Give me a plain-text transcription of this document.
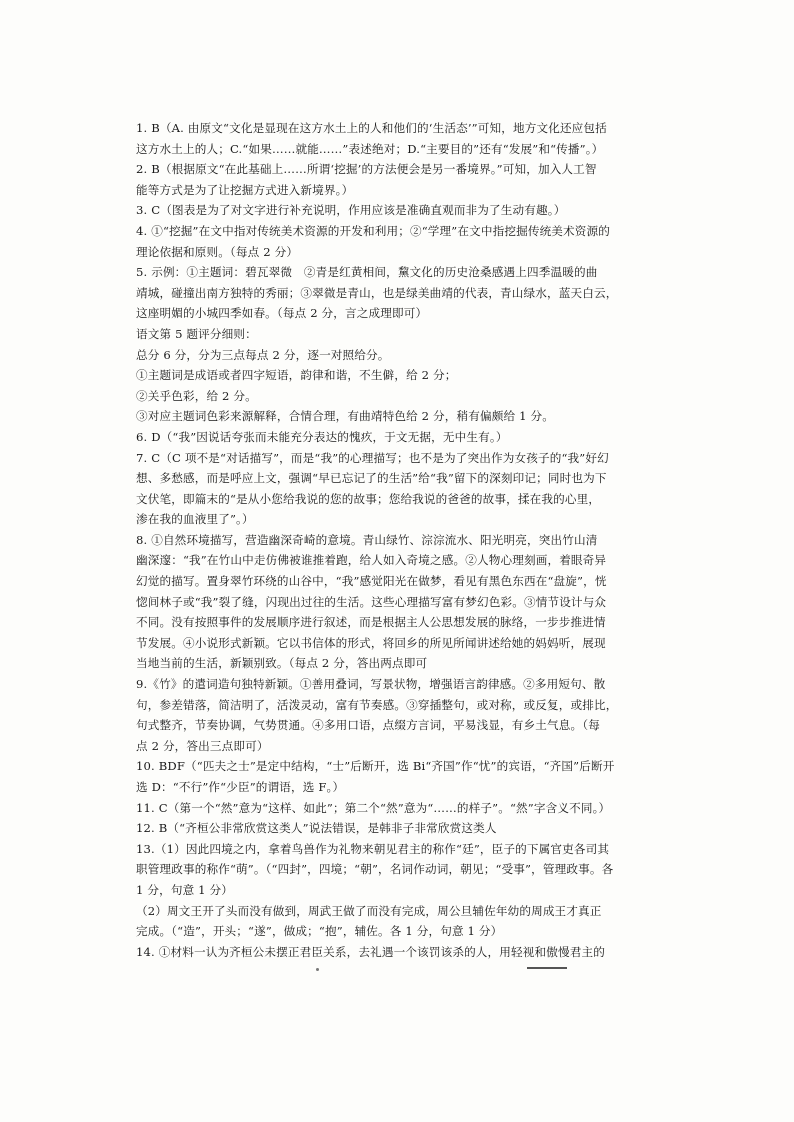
1. B（A. 由原文“文化是显现在这方水土上的人和他们的‘生活态’”可知，地方文化还应包括
这方水土上的人；C.“如果……就能……”表述绝对；D.“主要目的”还有“发展”和“传播”。）
2. B（根据原文“在此基础上……所谓‘挖掘’的方法便会是另一番境界。”可知，加入人工智
能等方式是为了让挖掘方式进入新境界。）
3. C（图表是为了对文字进行补充说明，作用应该是准确直观而非为了生动有趣。）
4. ①“挖掘”在文中指对传统美术资源的开发和利用；②“学理”在文中指挖掘传统美术资源的
理论依据和原则。（每点 2 分）
5. 示例：①主题词：碧瓦翠微　②青是红黄相间，黧文化的历史沧桑感遇上四季温暖的曲
靖城，碰撞出南方独特的秀丽；③翠微是青山，也是绿美曲靖的代表，青山绿水，蓝天白云，
这座明媚的小城四季如春。（每点 2 分，言之成理即可）
语文第 5 题评分细则：
总分 6 分，分为三点每点 2 分，逐一对照给分。
①主题词是成语或者四字短语，韵律和谐，不生僻，给 2 分；
②关乎色彩，给 2 分。
③对应主题词色彩来源解释，合情合理，有曲靖特色给 2 分，稍有偏颇给 1 分。
6. D（“我”因说话夸张而未能充分表达的愧疚，于文无据，无中生有。）
7. C（C 项不是“对话描写”，而是“我”的心理描写；也不是为了突出作为女孩子的“我”好幻
想、多愁感，而是呼应上文，强调“早已忘记了的生活”给“我”留下的深刻印记；同时也为下
文伏笔，即篇末的“是从小您给我说的您的故事；您给我说的爸爸的故事，揉在我的心里，
渗在我的血液里了”。）
8. ①自然环境描写，营造幽深奇崎的意境。青山绿竹、淙淙流水、阳光明亮，突出竹山清
幽深邃：“我”在竹山中走仿佛被谁推着跑，给人如入奇境之感。②人物心理刻画，着眼奇异
幻觉的描写。置身翠竹环绕的山谷中，“我”感觉阳光在做梦，看见有黑色东西在“盘旋”，恍
惚间林子或“我”裂了缝，闪现出过往的生活。这些心理描写富有梦幻色彩。③情节设计与众
不同。没有按照事件的发展顺序进行叙述，而是根据主人公思想发展的脉络，一步步推进情
节发展。④小说形式新颖。它以书信体的形式，将回乡的所见所闻讲述给她的妈妈听，展现
当地当前的生活，新颖别致。（每点 2 分，答出两点即可
9.《竹》的遣词造句独特新颖。①善用叠词，写景状物，增强语言韵律感。②多用短句、散
句，参差错落，简洁明了，活泼灵动，富有节奏感。③穿插整句，或对称，或反复，或排比，
句式整齐，节奏协调，气势贯通。④多用口语，点缀方言词，平易浅显，有乡土气息。（每
点 2 分，答出三点即可）
10. BDF（“匹夫之士”是定中结构，“士”后断开，选 Bi“齐国”作“忧”的宾语，“齐国”后断开
选 D：“不行”作“少臣”的谓语，选 F。）
11. C（第一个“然”意为“这样、如此”；第二个“然”意为“……的样子”。“然”字含义不同。）
12. B（“齐桓公非常欣赏这类人”说法错误，是韩非子非常欣赏这类人
13.（1）因此四境之内，拿着鸟兽作为礼物来朝见君主的称作“廷”，臣子的下属官吏各司其
职管理政事的称作“萌”。（“四封”，四境；“朝”，名词作动词，朝见；“受事”，管理政事。各
1 分，句意 1 分）
（2）周文王开了头而没有做到，周武王做了而没有完成，周公旦辅佐年幼的周成王才真正
完成。（“造”，开头；“遂”，做成；“抱”，辅佐。各 1 分，句意 1 分）
14. ①材料一认为齐桓公未摆正君臣关系，去礼遇一个该罚该杀的人，用轻视和傲慢君主的
